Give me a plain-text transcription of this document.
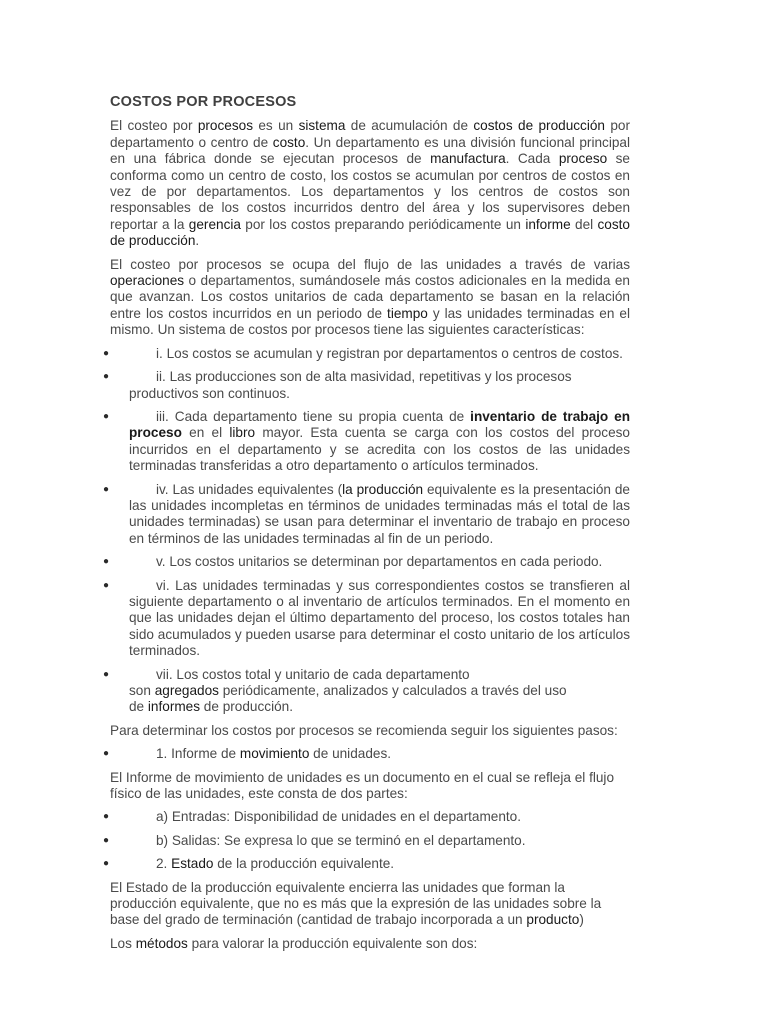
COSTOS POR PROCESOS

El costeo por procesos es un sistema de acumulación de costos de producción por departamento o centro de costo. Un departamento es una división funcional principal en una fábrica donde se ejecutan procesos de manufactura. Cada proceso se conforma como un centro de costo, los costos se acumulan por centros de costos en vez de por departamentos. Los departamentos y los centros de costos son responsables de los costos incurridos dentro del área y los supervisores deben reportar a la gerencia por los costos preparando periódicamente un informe del costo de producción.

El costeo por procesos se ocupa del flujo de las unidades a través de varias operaciones o departamentos, sumándosele más costos adicionales en la medida en que avanzan. Los costos unitarios de cada departamento se basan en la relación entre los costos incurridos en un periodo de tiempo y las unidades terminadas en el mismo. Un sistema de costos por procesos tiene las siguientes características:

●	i. Los costos se acumulan y registran por departamentos o centros de costos.
●	ii. Las producciones son de alta masividad, repetitivas y los procesos productivos son continuos.
●	iii. Cada departamento tiene su propia cuenta de inventario de trabajo en proceso en el libro mayor. Esta cuenta se carga con los costos del proceso incurridos en el departamento y se acredita con los costos de las unidades terminadas transferidas a otro departamento o artículos terminados.
●	iv. Las unidades equivalentes (la producción equivalente es la presentación de las unidades incompletas en términos de unidades terminadas más el total de las unidades terminadas) se usan para determinar el inventario de trabajo en proceso en términos de las unidades terminadas al fin de un periodo.
●	v. Los costos unitarios se determinan por departamentos en cada periodo.
●	vi. Las unidades terminadas y sus correspondientes costos se transfieren al siguiente departamento o al inventario de artículos terminados. En el momento en que las unidades dejan el último departamento del proceso, los costos totales han sido acumulados y pueden usarse para determinar el costo unitario de los artículos terminados.
●	vii. Los costos total y unitario de cada departamento
son agregados periódicamente, analizados y calculados a través del uso
de informes de producción.

Para determinar los costos por procesos se recomienda seguir los siguientes pasos:

●	1. Informe de movimiento de unidades.

El Informe de movimiento de unidades es un documento en el cual se refleja el flujo físico de las unidades, este consta de dos partes:

●	a) Entradas: Disponibilidad de unidades en el departamento.
●	b) Salidas: Se expresa lo que se terminó en el departamento.
●	2. Estado de la producción equivalente.

El Estado de la producción equivalente encierra las unidades que forman la producción equivalente, que no es más que la expresión de las unidades sobre la base del grado de terminación (cantidad de trabajo incorporada a un producto)

Los métodos para valorar la producción equivalente son dos:
